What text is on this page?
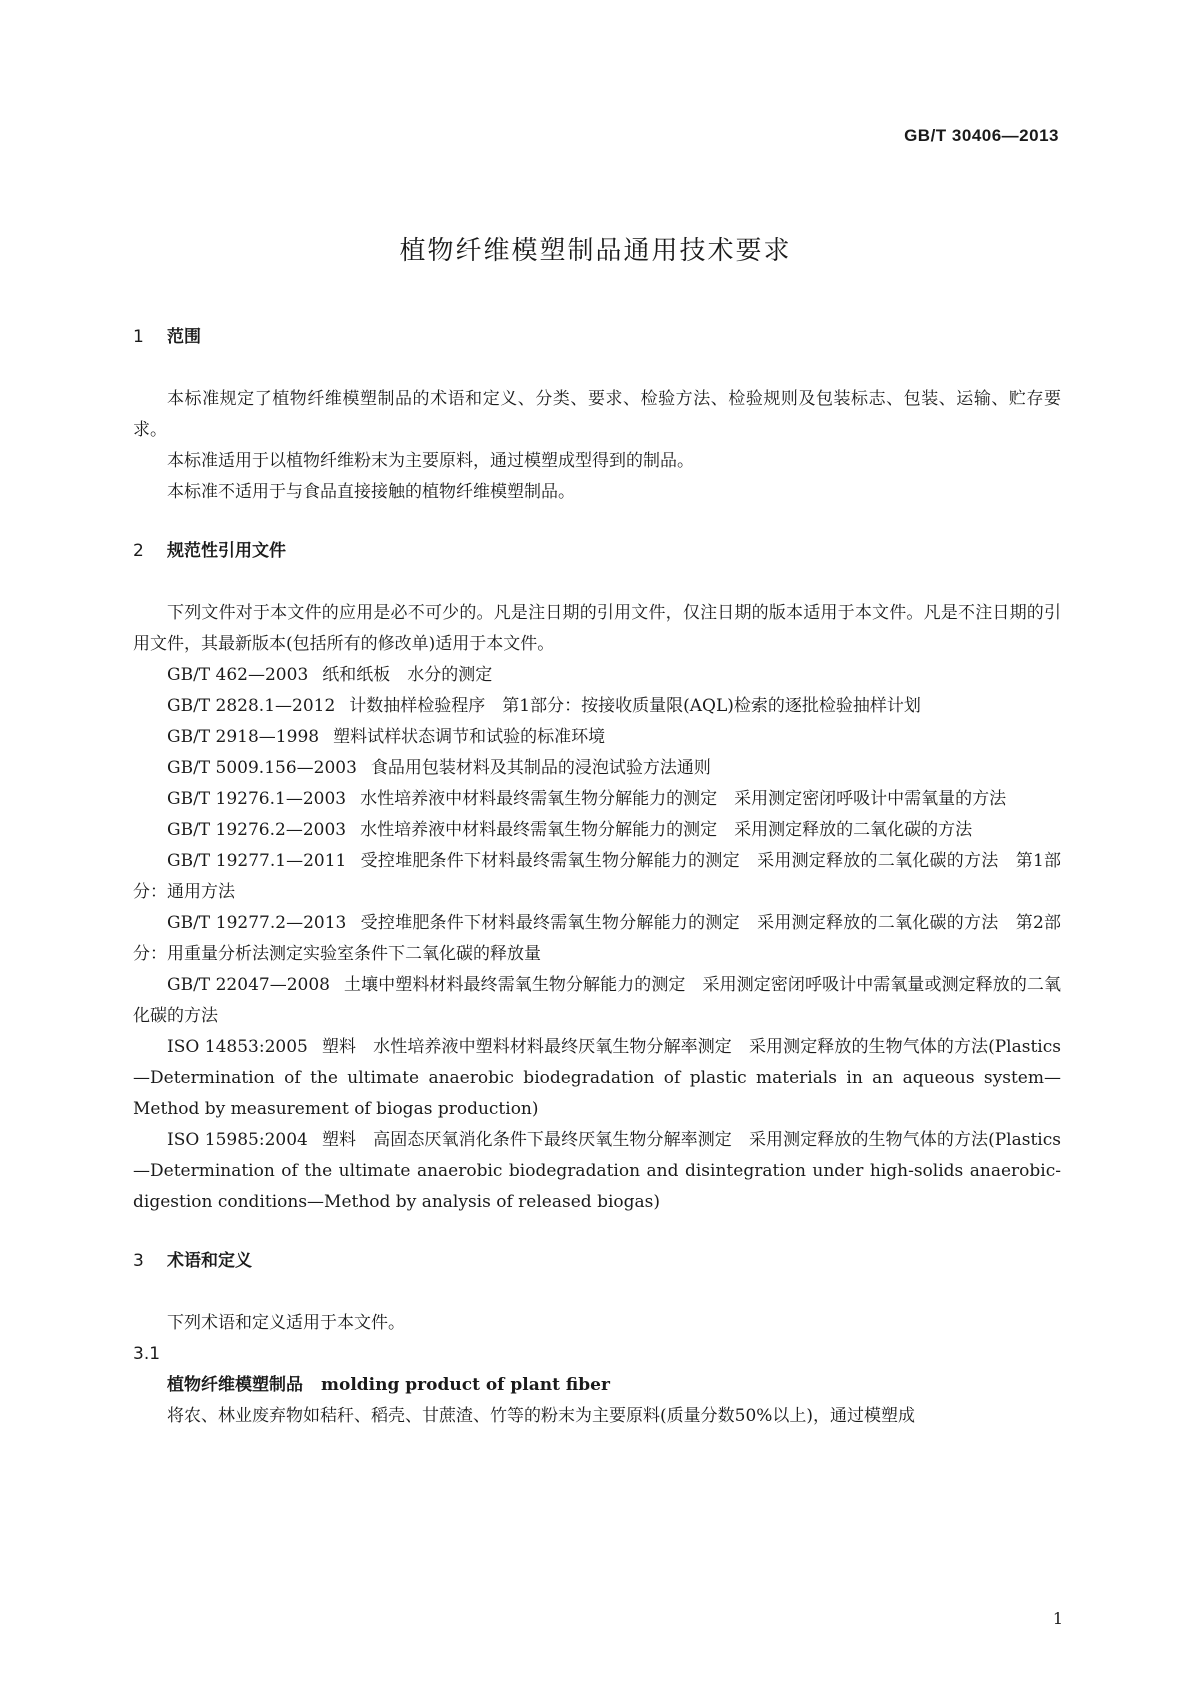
GB/T 30406—2013
植物纤维模塑制品通用技术要求
1 范围

本标准规定了植物纤维模塑制品的术语和定义、分类、要求、检验方法、检验规则及包装标志、包装、运输、贮存要求。

本标准适用于以植物纤维粉末为主要原料，通过模塑成型得到的制品。

本标准不适用于与食品直接接触的植物纤维模塑制品。

2 规范性引用文件

下列文件对于本文件的应用是必不可少的。凡是注日期的引用文件，仅注日期的版本适用于本文件。凡是不注日期的引用文件，其最新版本(包括所有的修改单)适用于本文件。

GB/T 462—2003 纸和纸板　水分的测定
GB/T 2828.1—2012 计数抽样检验程序　第1部分：按接收质量限(AQL)检索的逐批检验抽样计划
GB/T 2918—1998 塑料试样状态调节和试验的标准环境
GB/T 5009.156—2003 食品用包装材料及其制品的浸泡试验方法通则
GB/T 19276.1—2003 水性培养液中材料最终需氧生物分解能力的测定　采用测定密闭呼吸计中需氧量的方法
GB/T 19276.2—2003 水性培养液中材料最终需氧生物分解能力的测定　采用测定释放的二氧化碳的方法
GB/T 19277.1—2011 受控堆肥条件下材料最终需氧生物分解能力的测定　采用测定释放的二氧化碳的方法　第1部分：通用方法
GB/T 19277.2—2013 受控堆肥条件下材料最终需氧生物分解能力的测定　采用测定释放的二氧化碳的方法　第2部分：用重量分析法测定实验室条件下二氧化碳的释放量
GB/T 22047—2008 土壤中塑料材料最终需氧生物分解能力的测定　采用测定密闭呼吸计中需氧量或测定释放的二氧化碳的方法
ISO 14853:2005 塑料　水性培养液中塑料材料最终厌氧生物分解率测定　采用测定释放的生物气体的方法(Plastics—Determination of the ultimate anaerobic biodegradation of plastic materials in an aqueous system—Method by measurement of biogas production)
ISO 15985:2004 塑料　高固态厌氧消化条件下最终厌氧生物分解率测定　采用测定释放的生物气体的方法(Plastics—Determination of the ultimate anaerobic biodegradation and disintegration under high-solids anaerobic-digestion conditions—Method by analysis of released biogas)
3 术语和定义

下列术语和定义适用于本文件。

3.1
植物纤维模塑制品 molding product of plant fiber

将农、林业废弃物如秸秆、稻壳、甘蔗渣、竹等的粉末为主要原料(质量分数50%以上)，通过模塑成

1
